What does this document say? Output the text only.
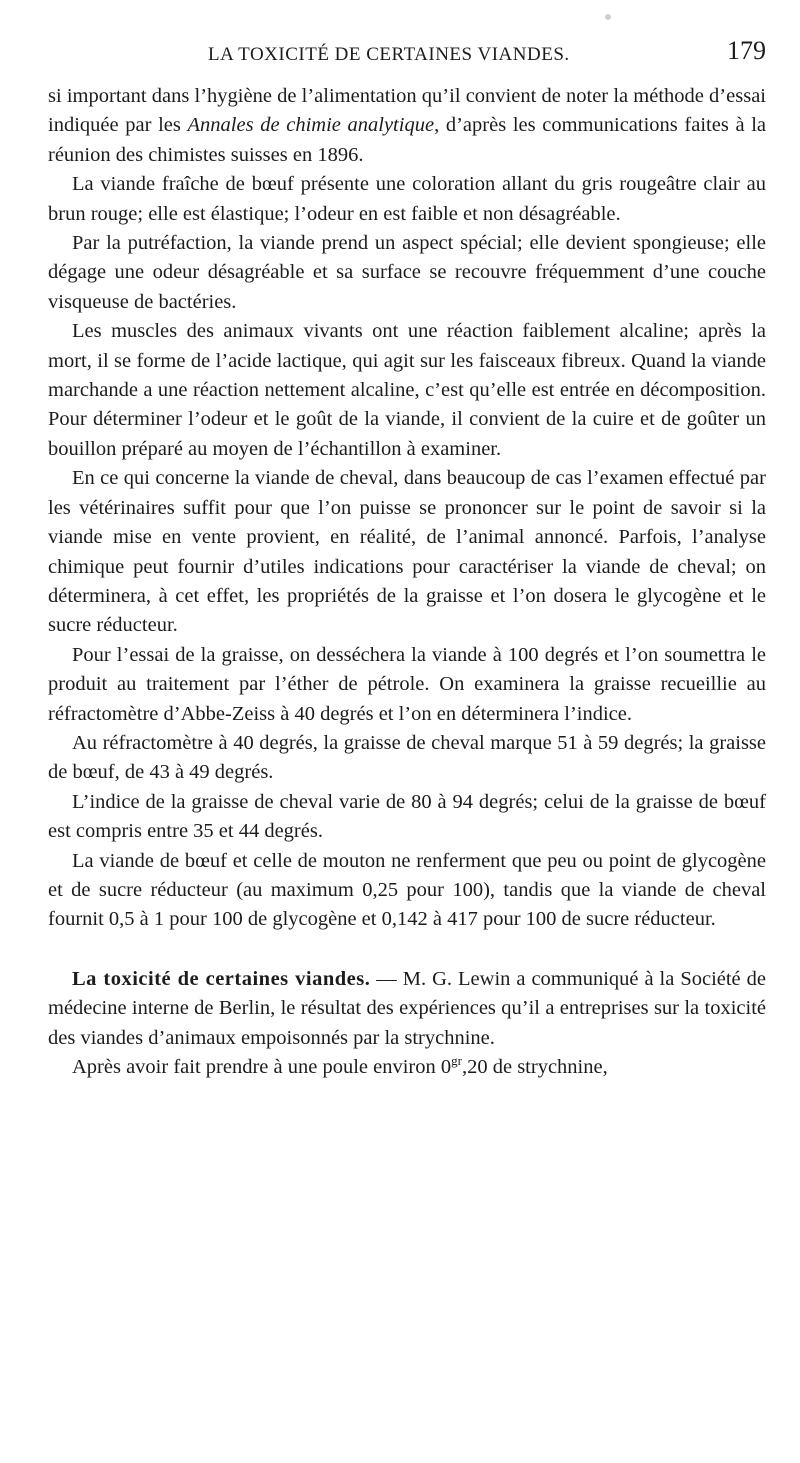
LA TOXICITÉ DE CERTAINES VIANDES.	179

si important dans l’hygiène de l’alimentation qu’il convient de noter la méthode d’essai indiquée par les Annales de chimie analytique, d’après les communications faites à la réunion des chimistes suisses en 1896.

La viande fraîche de bœuf présente une coloration allant du gris rougeâtre clair au brun rouge; elle est élastique; l’odeur en est faible et non désagréable.

Par la putréfaction, la viande prend un aspect spécial; elle devient spongieuse; elle dégage une odeur désagréable et sa surface se recouvre fréquemment d’une couche visqueuse de bactéries.

Les muscles des animaux vivants ont une réaction faiblement alcaline; après la mort, il se forme de l’acide lactique, qui agit sur les faisceaux fibreux. Quand la viande marchande a une réaction nettement alcaline, c’est qu’elle est entrée en décomposition. Pour déterminer l’odeur et le goût de la viande, il convient de la cuire et de goûter un bouillon préparé au moyen de l’échantillon à examiner.

En ce qui concerne la viande de cheval, dans beaucoup de cas l’examen effectué par les vétérinaires suffit pour que l’on puisse se prononcer sur le point de savoir si la viande mise en vente provient, en réalité, de l’animal annoncé. Parfois, l’analyse chimique peut fournir d’utiles indications pour caractériser la viande de cheval; on déterminera, à cet effet, les propriétés de la graisse et l’on dosera le glycogène et le sucre réducteur.

Pour l’essai de la graisse, on desséchera la viande à 100 degrés et l’on soumettra le produit au traitement par l’éther de pétrole. On examinera la graisse recueillie au réfractomètre d’Abbe-Zeiss à 40 degrés et l’on en déterminera l’indice.

Au réfractomètre à 40 degrés, la graisse de cheval marque 51 à 59 degrés; la graisse de bœuf, de 43 à 49 degrés.

L’indice de la graisse de cheval varie de 80 à 94 degrés; celui de la graisse de bœuf est compris entre 35 et 44 degrés.

La viande de bœuf et celle de mouton ne renferment que peu ou point de glycogène et de sucre réducteur (au maximum 0,25 pour 100), tandis que la viande de cheval fournit 0,5 à 1 pour 100 de glycogène et 0,142 à 417 pour 100 de sucre réducteur.

La toxicité de certaines viandes. — M. G. Lewin a communiqué à la Société de médecine interne de Berlin, le résultat des expériences qu’il a entreprises sur la toxicité des viandes d’animaux empoisonnés par la strychnine.

Après avoir fait prendre à une poule environ $0^{gr},20$ de strychnine,
